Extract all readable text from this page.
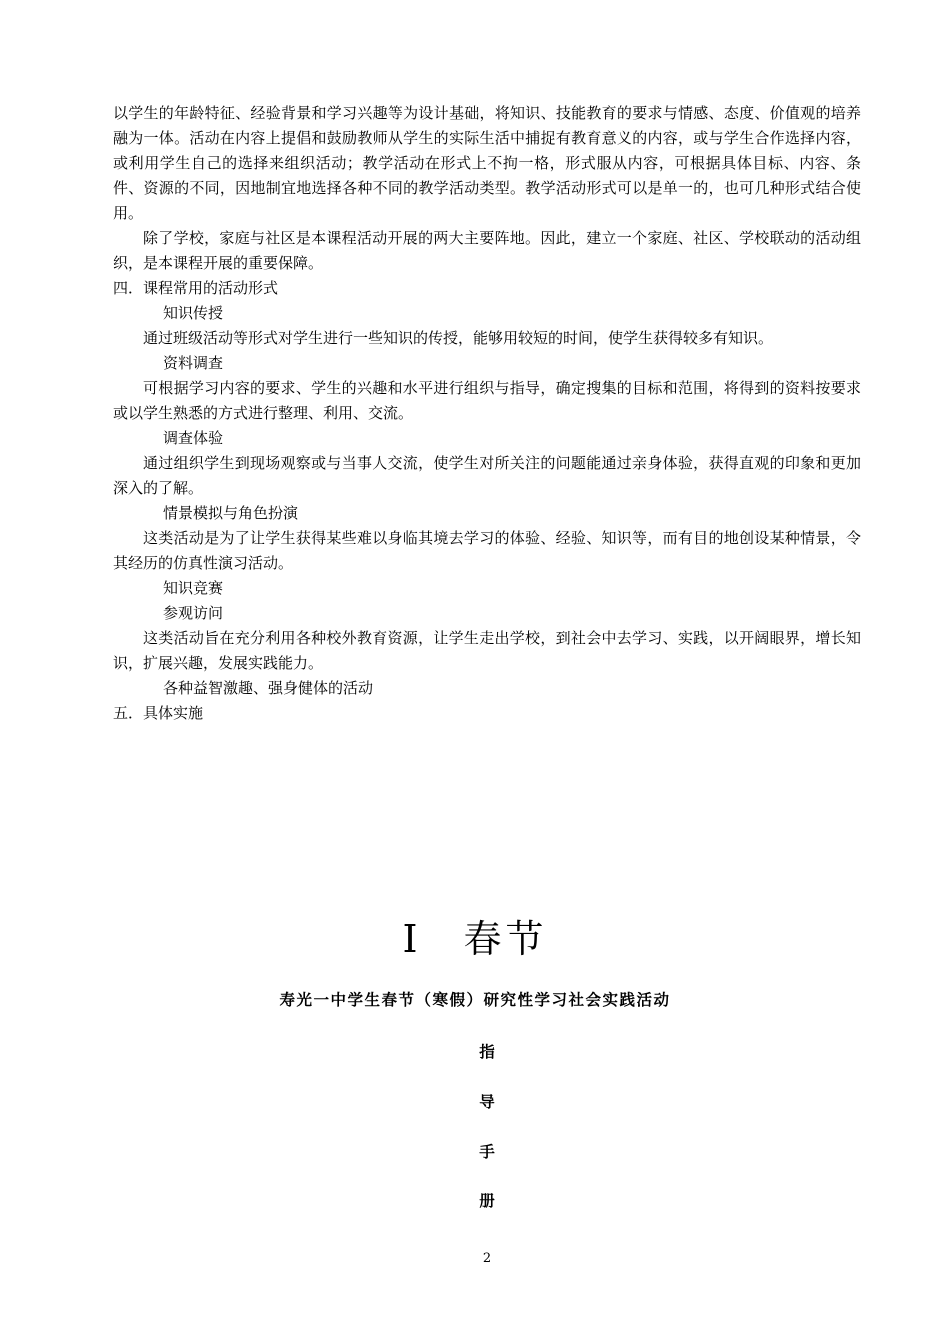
以学生的年龄特征、经验背景和学习兴趣等为设计基础，将知识、技能教育的要求与情感、态度、价值观的培养融为一体。活动在内容上提倡和鼓励教师从学生的实际生活中捕捉有教育意义的内容，或与学生合作选择内容，或利用学生自己的选择来组织活动；教学活动在形式上不拘一格，形式服从内容，可根据具体目标、内容、条件、资源的不同，因地制宜地选择各种不同的教学活动类型。教学活动形式可以是单一的，也可几种形式结合使用。

除了学校，家庭与社区是本课程活动开展的两大主要阵地。因此，建立一个家庭、社区、学校联动的活动组织，是本课程开展的重要保障。

四．课程常用的活动形式

知识传授

通过班级活动等形式对学生进行一些知识的传授，能够用较短的时间，使学生获得较多有知识。

资料调查

可根据学习内容的要求、学生的兴趣和水平进行组织与指导，确定搜集的目标和范围，将得到的资料按要求或以学生熟悉的方式进行整理、利用、交流。

调查体验

通过组织学生到现场观察或与当事人交流，使学生对所关注的问题能通过亲身体验，获得直观的印象和更加深入的了解。

情景模拟与角色扮演

这类活动是为了让学生获得某些难以身临其境去学习的体验、经验、知识等，而有目的地创设某种情景，令其经历的仿真性演习活动。

知识竞赛

参观访问

这类活动旨在充分利用各种校外教育资源，让学生走出学校，到社会中去学习、实践，以开阔眼界，增长知识，扩展兴趣，发展实践能力。

各种益智激趣、强身健体的活动

五．具体实施

I　春节
寿光一中学生春节（寒假）研究性学习社会实践活动
指
导
手
册
2
